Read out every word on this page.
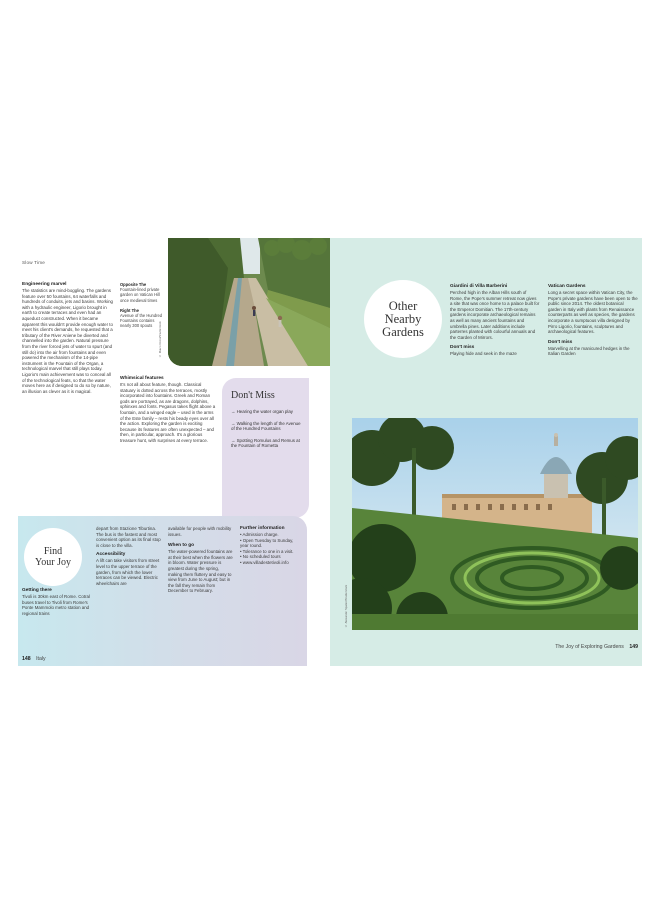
Slow Time
Engineering marvel
The statistics are mind-boggling. The gardens feature over 50 fountains, 64 waterfalls and hundreds of conduits, jets and basins. Working with a hydraulic engineer, Ligorio brought in earth to create terraces and even had an aqueduct constructed. When it became apparent this wouldn't provide enough water to meet his client's demands, he requested that a tributary of the River Aniene be diverted and channelled into the garden. Natural pressure from the river forced jets of water to spurt (and still do) into the air from fountains and even powered the mechanism of the 14-pipe instrument in the Fountain of the Organ, a technological marvel that still plays today. Ligorio's main achievement was to conceal all of the technological feats, so that the water moves here as if designed to do so by nature, an illusion as clever as it is magical.
Opposite The
Fountain-lined private garden on Vatican Hill once medieval times
Right The
Avenue of the Hundred Fountains contains nearly 300 spouts	© Mauro Rossi/Shutterstock
Whimsical features
It's not all about feature, though. Classical statuary is dotted across the terraces, mostly incorporated into fountains. Greek and Roman gods are portrayed, as are dragons, dolphins, sphinxes and fonts. Pegasus takes flight above a fountain, and a winged eagle – used in the arms of the Este family – rests his beady eyes over all the action. Exploring the garden is exciting because its features are often unexpected – and then, in particular, approach. It's a glorious treasure hunt, with surprises at every terrace.
Don't Miss
→ Hearing the water organ play
→ Walking the length of the Avenue of the Hundred Fountains
→ Spotting Romulus and Remus at the Fountain of Rometta
Find
Your Joy
Getting there
Tivoli is 30km east of Rome. Cotral buses travel to Tivoli from Rome's Ponte Mammolo metro station and regional trains
depart from Stazione Tiburtina. The bus is the fastest and most convenient option as its final stop is close to the villa.
Accessibility
A lift can take visitors from street level to the upper terrace of the garden, from which the lower terraces can be viewed. Electric wheelchairs are
available for people with mobility issues.
When to go
The water-powered fountains are at their best when the flowers are in bloom. Water pressure is greatest during the spring, making them fluttery and easy to view from June to August; but in the fall they remain from December to February.
Further information
• Admission charge.
• Open Tuesday to Sunday, year round.
• Tolerance to one in a visit.
• No scheduled tours
• www.villadestetivoli.info
148 Italy
Other
Nearby
Gardens
Giardini di Villa Barberini
Perched high in the Alban Hills south of Rome, the Pope's summer retreat now gives a site that was once home to a palace built for the Emperor Domitian. The 17th-century gardens incorporate archaeological remains as well as many ancient fountains and umbrella pines. Later additions include parterres planted with colourful annuals and the Garden of Mirrors.
Don't miss
Playing hide and seek in the maze
Vatican Gardens
Long a secret space within Vatican City, the Pope's private gardens have been open to the public since 2014. The oldest botanical garden in Italy with plants from Renaissance counterparts as well as species, the gardens incorporate a sumptuous villa designed by Pirro Ligorio, fountains, sculptures and archaeological features.
Don't miss
Marvelling at the manicured hedges in the Italian Garden
The Joy of Exploring Gardens 149
© Alexander Spatari/Shutterstock
